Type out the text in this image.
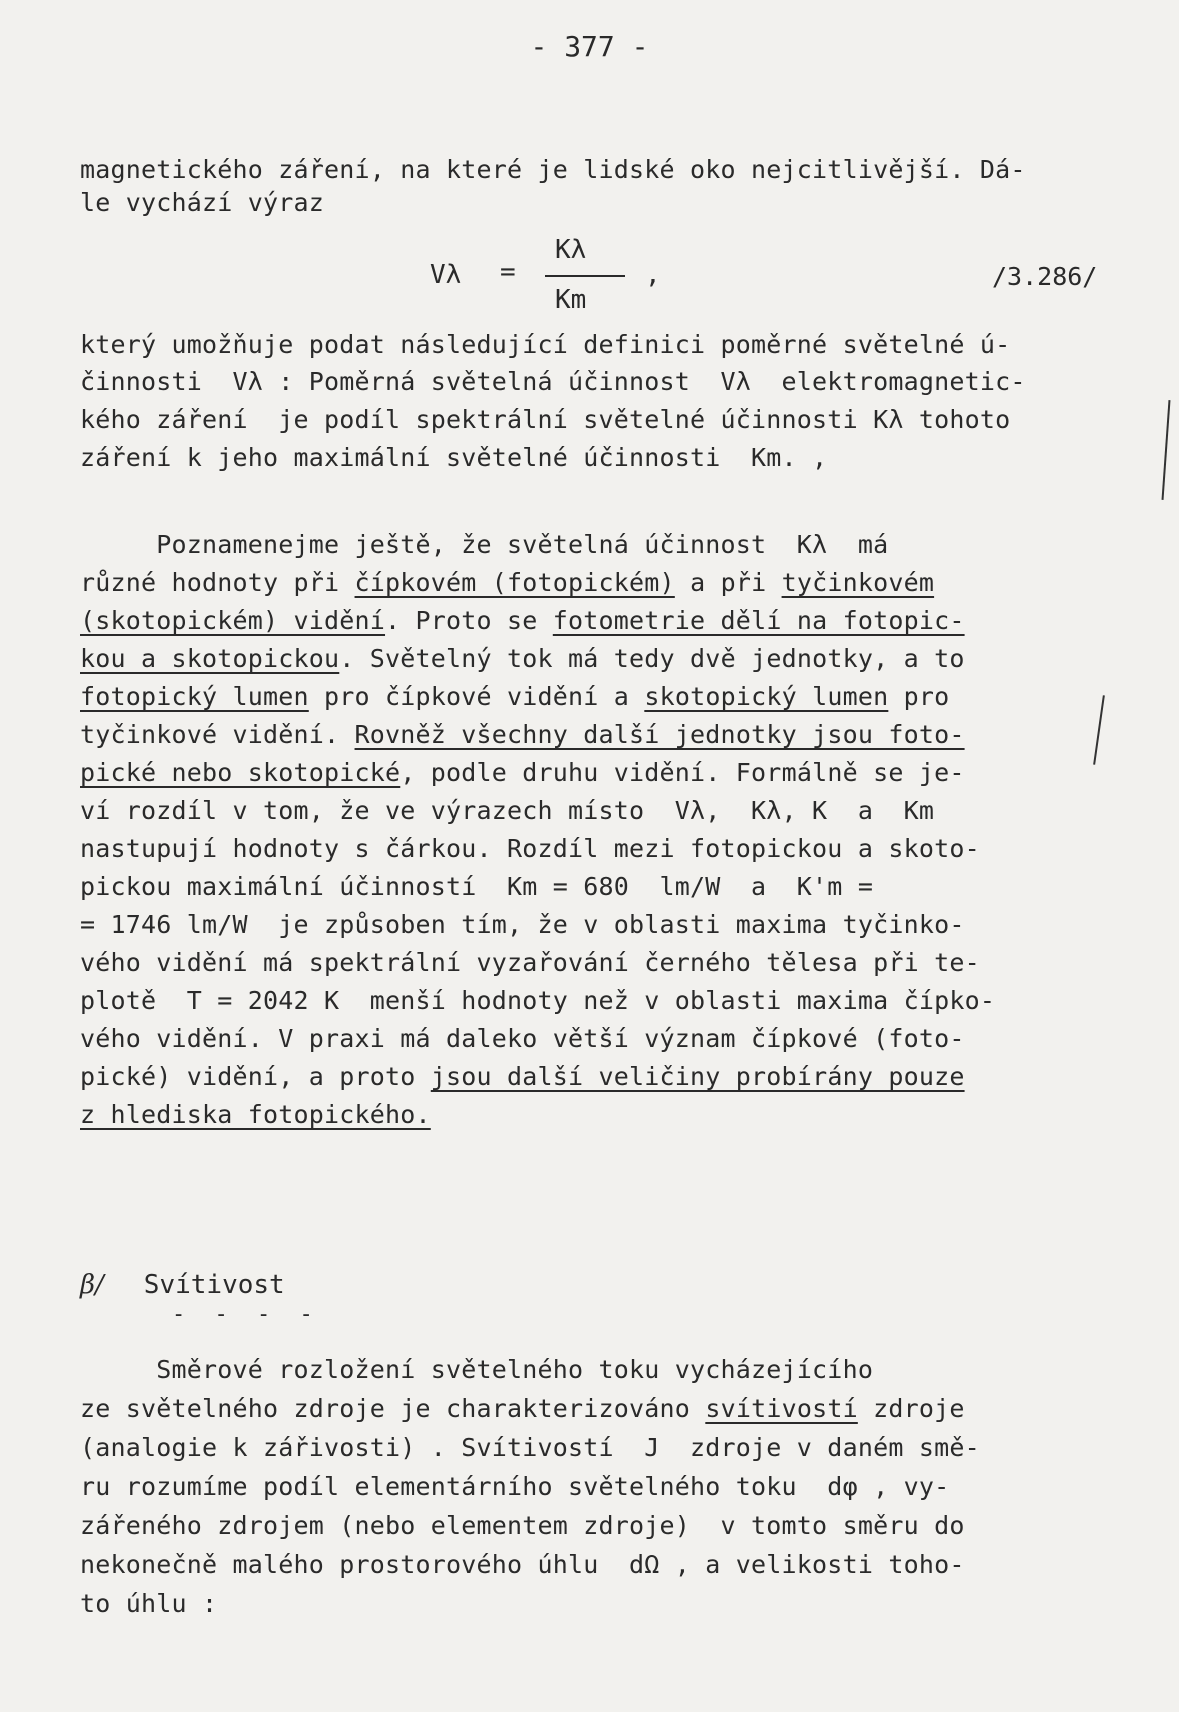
- 377 -
magnetického záření, na které je lidské oko nejcitlivější. Dá-
le vychází výraz
Vλ =
Kλ
Km
,	/3.286/
který umožňuje podat následující definici poměrné světelné ú-
činnosti  Vλ : Poměrná světelná účinnost  Vλ  elektromagnetic-
kého záření  je podíl spektrální světelné účinnosti Kλ tohoto
záření k jeho maximální světelné účinnosti  Km. ,
Poznamenejme ještě, že světelná účinnost  Kλ  má
různé hodnoty při čípkovém (fotopickém) a při tyčinkovém
(skotopickém) vidění. Proto se fotometrie dělí na fotopic-
kou a skotopickou. Světelný tok má tedy dvě jednotky, a to
fotopický lumen pro čípkové vidění a skotopický lumen pro
tyčinkové vidění. Rovněž všechny další jednotky jsou foto-
pické nebo skotopické, podle druhu vidění. Formálně se je-
ví rozdíl v tom, že ve výrazech místo  Vλ,  Kλ, K  a  Km
nastupují hodnoty s čárkou. Rozdíl mezi fotopickou a skoto-
pickou maximální účinností  Km = 680  lm/W  a  K'm =
= 1746 lm/W  je způsoben tím, že v oblasti maxima tyčinko-
vého vidění má spektrální vyzařování černého tělesa při te-
plotě  T = 2042 K  menší hodnoty než v oblasti maxima čípko-
vého vidění. V praxi má daleko větší význam čípkové (foto-
pické) vidění, a proto jsou další veličiny probírány pouze
z hlediska fotopického.
β/ Svítivost
- - - -
Směrové rozložení světelného toku vycházejícího
ze světelného zdroje je charakterizováno svítivostí zdroje
(analogie k zářivosti) . Svítivostí  J  zdroje v daném smě-
ru rozumíme podíl elementárního světelného toku  dφ , vy-
zářeného zdrojem (nebo elementem zdroje)  v tomto směru do
nekonečně malého prostorového úhlu  dΩ , a velikosti toho-
to úhlu :
